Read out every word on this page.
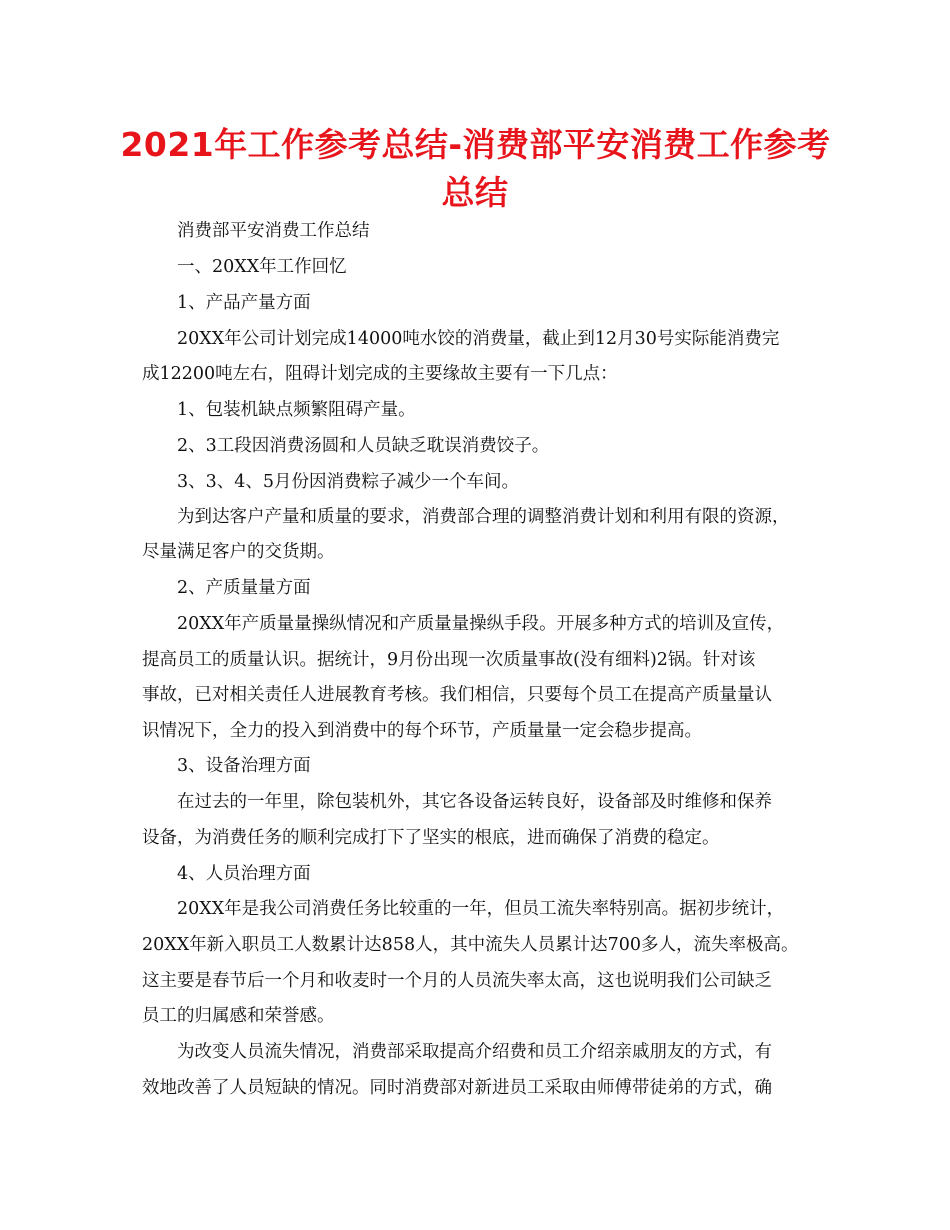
2021年工作参考总结-消费部平安消费工作参考
总结
消费部平安消费工作总结
一、20XX年工作回忆
1、产品产量方面
20XX年公司计划完成14000吨水饺的消费量，截止到12月30号实际能消费完
成12200吨左右，阻碍计划完成的主要缘故主要有一下几点：
1、包装机缺点频繁阻碍产量。
2、3工段因消费汤圆和人员缺乏耽误消费饺子。
3、3、4、5月份因消费粽子减少一个车间。
为到达客户产量和质量的要求，消费部合理的调整消费计划和利用有限的资源，
尽量满足客户的交货期。
2、产质量量方面
20XX年产质量量操纵情况和产质量量操纵手段。开展多种方式的培训及宣传，
提高员工的质量认识。据统计，9月份出现一次质量事故(没有细料)2锅。针对该
事故，已对相关责任人进展教育考核。我们相信，只要每个员工在提高产质量量认
识情况下，全力的投入到消费中的每个环节，产质量量一定会稳步提高。
3、设备治理方面
在过去的一年里，除包装机外，其它各设备运转良好，设备部及时维修和保养
设备，为消费任务的顺利完成打下了坚实的根底，进而确保了消费的稳定。
4、人员治理方面
20XX年是我公司消费任务比较重的一年，但员工流失率特别高。据初步统计，
20XX年新入职员工人数累计达858人，其中流失人员累计达700多人，流失率极高。
这主要是春节后一个月和收麦时一个月的人员流失率太高，这也说明我们公司缺乏
员工的归属感和荣誉感。
为改变人员流失情况，消费部采取提高介绍费和员工介绍亲戚朋友的方式，有
效地改善了人员短缺的情况。同时消费部对新进员工采取由师傅带徒弟的方式，确
